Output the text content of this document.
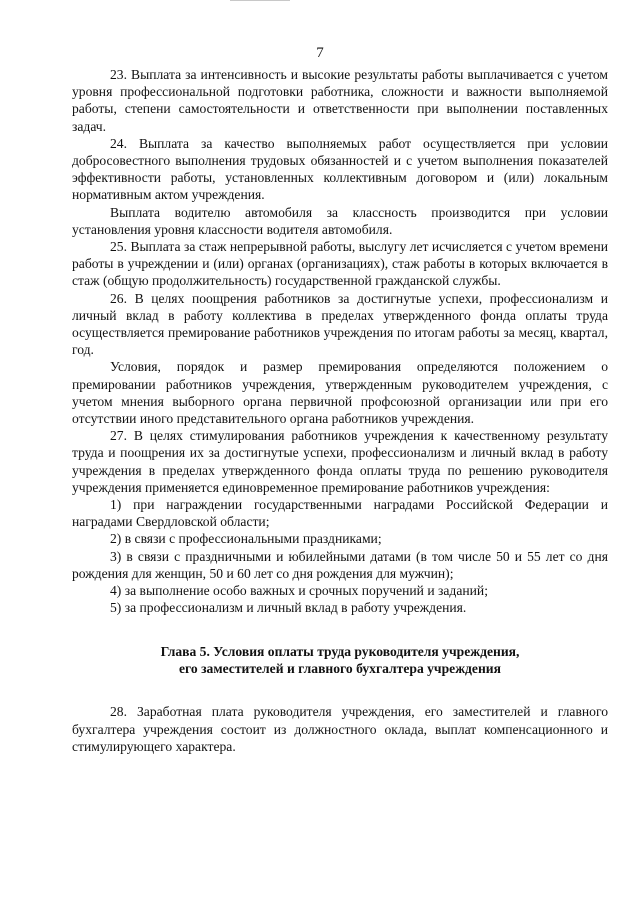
7

23. Выплата за интенсивность и высокие результаты работы выплачивается с учетом уровня профессиональной подготовки работника, сложности и важности выполняемой работы, степени самостоятельности и ответственности при выполнении поставленных задач.

24. Выплата за качество выполняемых работ осуществляется при условии добросовестного выполнения трудовых обязанностей и с учетом выполнения показателей эффективности работы, установленных коллективным договором и (или) локальным нормативным актом учреждения.

Выплата водителю автомобиля за классность производится при условии установления уровня классности водителя автомобиля.

25. Выплата за стаж непрерывной работы, выслугу лет исчисляется с учетом времени работы в учреждении и (или) органах (организациях), стаж работы в которых включается в стаж (общую продолжительность) государственной гражданской службы.

26. В целях поощрения работников за достигнутые успехи, профессионализм и личный вклад в работу коллектива в пределах утвержденного фонда оплаты труда осуществляется премирование работников учреждения по итогам работы за месяц, квартал, год.

Условия, порядок и размер премирования определяются положением о премировании работников учреждения, утвержденным руководителем учреждения, с учетом мнения выборного органа первичной профсоюзной организации или при его отсутствии иного представительного органа работников учреждения.

27. В целях стимулирования работников учреждения к качественному результату труда и поощрения их за достигнутые успехи, профессионализм и личный вклад в работу учреждения в пределах утвержденного фонда оплаты труда по решению руководителя учреждения применяется единовременное премирование работников учреждения:

1) при награждении государственными наградами Российской Федерации и наградами Свердловской области;

2) в связи с профессиональными праздниками;

3) в связи с праздничными и юбилейными датами (в том числе 50 и 55 лет со дня рождения для женщин, 50 и 60 лет со дня рождения для мужчин);

4) за выполнение особо важных и срочных поручений и заданий;

5) за профессионализм и личный вклад в работу учреждения.

Глава 5. Условия оплаты труда руководителя учреждения,
его заместителей и главного бухгалтера учреждения

28. Заработная плата руководителя учреждения, его заместителей и главного бухгалтера учреждения состоит из должностного оклада, выплат компенсационного и стимулирующего характера.
